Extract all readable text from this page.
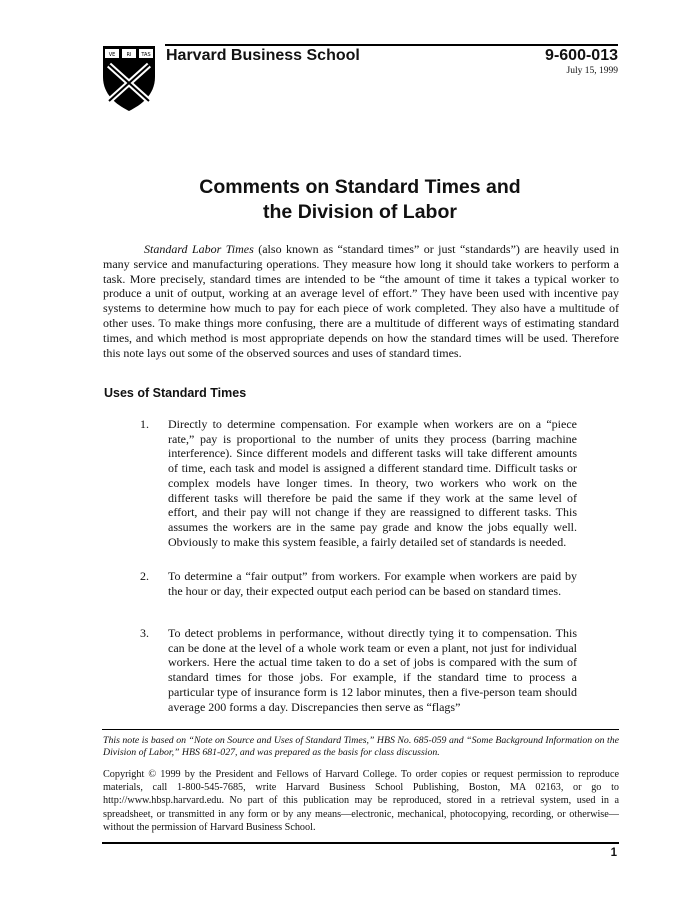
VE RI TAS Harvard Business School	9-600-013
July 15, 1999
Comments on Standard Times and
the Division of Labor

Standard Labor Times (also known as “standard times” or just “standards”) are heavily used in many service and manufacturing operations. They measure how long it should take workers to perform a task. More precisely, standard times are intended to be “the amount of time it takes a typical worker to produce a unit of output, working at an average level of effort.” They have been used with incentive pay systems to determine how much to pay for each piece of work completed. They also have a multitude of other uses. To make things more confusing, there are a multitude of different ways of estimating standard times, and which method is most appropriate depends on how the standard times will be used. Therefore this note lays out some of the observed sources and uses of standard times.

Uses of Standard Times
1. Directly to determine compensation. For example when workers are on a “piece rate,” pay is proportional to the number of units they process (barring machine interference). Since different models and different tasks will take different amounts of time, each task and model is assigned a different standard time. Difficult tasks or complex models have longer times. In theory, two workers who work on the different tasks will therefore be paid the same if they work at the same level of effort, and their pay will not change if they are reassigned to different tasks. This assumes the workers are in the same pay grade and know the jobs equally well. Obviously to make this system feasible, a fairly detailed set of standards is needed.

2. To determine a “fair output” from workers. For example when workers are paid by the hour or day, their expected output each period can be based on standard times.

3. To detect problems in performance, without directly tying it to compensation. This can be done at the level of a whole work team or even a plant, not just for individual workers. Here the actual time taken to do a set of jobs is compared with the sum of standard times for those jobs. For example, if the standard time to process a particular type of insurance form is 12 labor minutes, then a five-person team should average 200 forms a day. Discrepancies then serve as “flags”

This note is based on “Note on Source and Uses of Standard Times,” HBS No. 685-059 and “Some Background Information on the Division of Labor,” HBS 681-027, and was prepared as the basis for class discussion.

Copyright © 1999 by the President and Fellows of Harvard College. To order copies or request permission to reproduce materials, call 1-800-545-7685, write Harvard Business School Publishing, Boston, MA 02163, or go to http://www.hbsp.harvard.edu. No part of this publication may be reproduced, stored in a retrieval system, used in a spreadsheet, or transmitted in any form or by any means—electronic, mechanical, photocopying, recording, or otherwise—without the permission of Harvard Business School.

1
